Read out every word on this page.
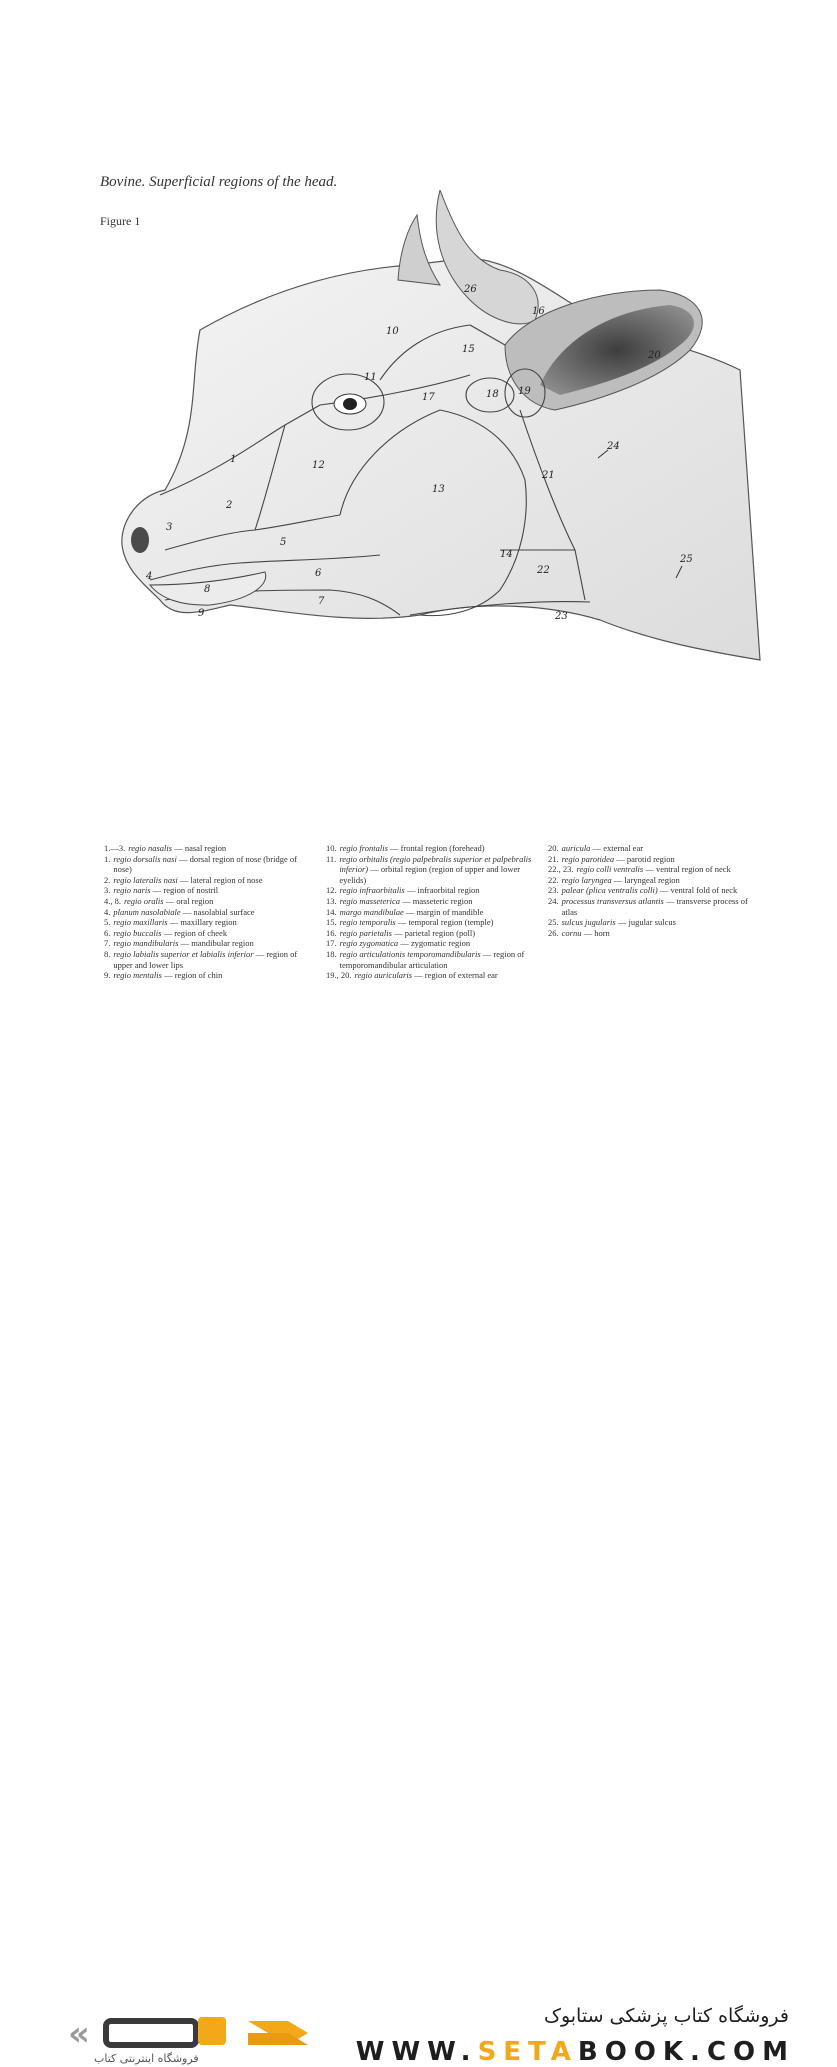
Bovine. Superficial regions of the head.
Figure 1
1
2
3
4
5
6
7
8
9
10
11
12
13
14
15
16
17	18 19
20
21
22
23
24
25
26
1.—3. regio nasalis — nasal region
1. regio dorsalis nasi — dorsal region of nose (bridge of nose)
2. regio lateralis nasi — lateral region of nose
3. regio naris — region of nostril
4., 8. regio oralis — oral region
4. planum nasolabiale — nasolabial surface
5. regio maxillaris — maxillary region
6. regio buccalis — region of cheek
7. regio mandibularis — mandibular region
8. regio labialis superior et labialis inferior — region of upper and lower lips
9. regio mentalis — region of chin
10. regio frontalis — frontal region (forehead)
11. regio orbitalis (regio palpebralis superior et palpebralis inferior) — orbital region (region of upper and lower eyelids)
12. regio infraorbitalis — infraorbital region
13. regio masseterica — masseteric region
14. margo mandibulae — margin of mandible
15. regio temporalis — temporal region (temple)
16. regio parietalis — parietal region (poll)
17. regio zygomatica — zygomatic region
18. regio articulationis temporomandibularis — region of temporomandibular articulation
19., 20. regio auricularis — region of external ear
20. auricula — external ear
21. regio parotidea — parotid region
22., 23. regio colli ventralis — ventral region of neck
22. regio laryngea — laryngeal region
23. palear (plica ventralis colli) — ventral fold of neck
24. processus transversus atlantis — transverse process of atlas
25. sulcus jugularis — jugular sulcus
26. cornu — horn
«
فروشگاه اینترنتی کتاب
فروشگاه کتاب پزشکی ستابوک
WWW.SETABOOK.COM
